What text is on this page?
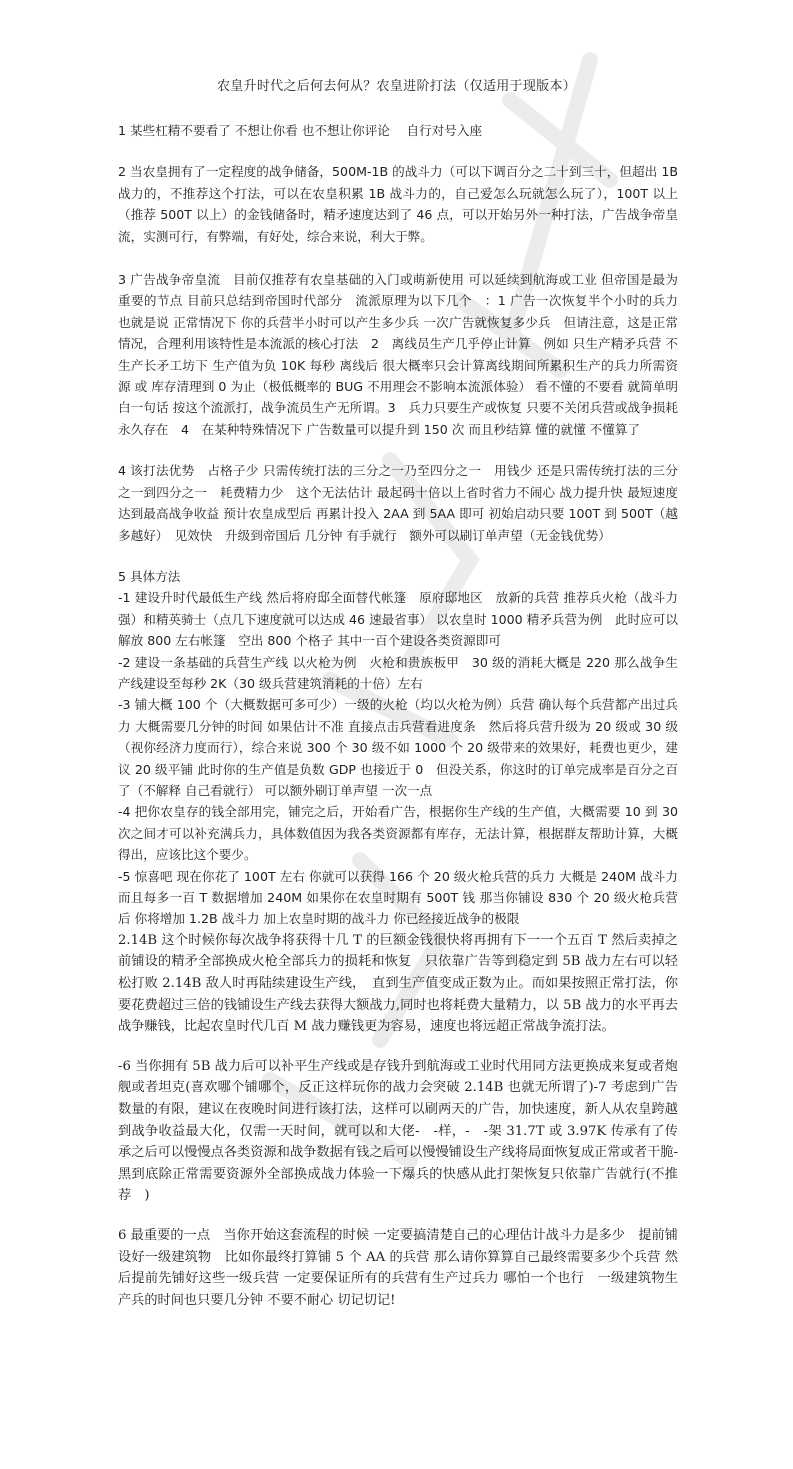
农皇升时代之后何去何从？农皇进阶打法（仅适用于现版本）

1 某些杠精不要看了 不想让你看 也不想让你评论　 自行对号入座

2 当农皇拥有了一定程度的战争储备，500M-1B 的战斗力（可以下调百分之二十到三十，但超出 1B 战力的，不推荐这个打法，可以在农皇积累 1B 战斗力的，自己爱怎么玩就怎么玩了），100T 以上（推荐 500T 以上）的金钱储备时，精矛速度达到了 46 点，可以开始另外一种打法，广告战争帝皇流，实测可行，有弊端，有好处，综合来说，利大于弊。

3 广告战争帝皇流　目前仅推荐有农皇基础的入门或萌新使用 可以延续到航海或工业 但帝国是最为重要的节点 目前只总结到帝国时代部分　流派原理为以下几个　：1 广告一次恢复半个小时的兵力 也就是说 正常情况下 你的兵营半小时可以产生多少兵 一次广告就恢复多少兵　但请注意，这是正常情况，合理利用该特性是本流派的核心打法　2　离线员生产几乎停止计算　例如 只生产精矛兵营 不生产长矛工坊下 生产值为负 10K 每秒 离线后 很大概率只会计算离线期间所累积生产的兵力所需资源 或 库存清理到 0 为止（极低概率的 BUG 不用理会不影响本流派体验） 看不懂的不要看 就简单明白一句话 按这个流派打，战争流员生产无所谓。3　兵力只要生产或恢复 只要不关闭兵营或战争损耗　永久存在　4　在某种特殊情况下 广告数量可以提升到 150 次 而且秒结算 懂的就懂 不懂算了

4 该打法优势　占格子少 只需传统打法的三分之一乃至四分之一　用钱少 还是只需传统打法的三分之一到四分之一　耗费精力少　这个无法估计 最起码十倍以上省时省力不闹心 战力提升快 最短速度达到最高战争收益 预计农皇成型后 再累计投入 2AA 到 5AA 即可 初始启动只要 100T 到 500T（越多越好）　见效快　升级到帝国后 几分钟 有手就行　额外可以刷订单声望（无金钱优势）

5 具体方法

-1 建设升时代最低生产线 然后将府邸全面替代帐篷　原府邸地区　放新的兵营 推荐兵火枪（战斗力强）和精英骑士（点几下速度就可以达成 46 速最省事） 以农皇时 1000 精矛兵营为例　此时应可以解放 800 左右帐篷　空出 800 个格子 其中一百个建设各类资源即可

-2 建设一条基础的兵营生产线 以火枪为例　火枪和贵族板甲　30 级的消耗大概是 220 那么战争生产线建设至每秒 2K（30 级兵营建筑消耗的十倍）左右

-3 铺大概 100 个（大概数据可多可少）一级的火枪（均以火枪为例）兵营 确认每个兵营都产出过兵力 大概需要几分钟的时间 如果估计不准 直接点击兵营看进度条　然后将兵营升级为 20 级或 30 级（视你经济力度而行），综合来说 300 个 30 级不如 1000 个 20 级带来的效果好，耗费也更少，建议 20 级平铺 此时你的生产值是负数 GDP 也接近于 0　但没关系，你这时的订单完成率是百分之百了（不解释 自己看就行） 可以额外刷订单声望 一次一点

-4 把你农皇存的钱全部用完，铺完之后，开始看广告，根据你生产线的生产值，大概需要 10 到 30 次之间才可以补充满兵力，具体数值因为我各类资源都有库存，无法计算，根据群友帮助计算，大概得出，应该比这个要少。

-5 惊喜吧 现在你花了 100T 左右 你就可以获得 166 个 20 级火枪兵营的兵力 大概是 240M 战斗力 而且每多一百 T 数据增加 240M 如果你在农皇时期有 500T 钱 那当你铺设 830 个 20 级火枪兵营后 你将增加 1.2B 战斗力 加上农皇时期的战斗力 你已经接近战争的极限

2.14B 这个时候你每次战争将获得十几 T 的巨额金钱很快将再拥有下一一个五百 T 然后卖掉之前铺设的精矛全部换成火枪全部兵力的损耗和恢复　只依靠广告等到稳定到 5B 战力左右可以轻松打败 2.14B 敌人时再陆续建设生产线，　直到生产值变成正数为止。而如果按照正常打法，你要花费超过三倍的钱铺设生产线去获得大额战力,同时也将耗费大量精力，以 5B 战力的水平再去战争赚钱，比起农皇时代几百 M 战力赚钱更为容易，速度也将远超正常战争流打法。

-6 当你拥有 5B 战力后可以补平生产线或是存钱升到航海或工业时代用同方法更换成来复或者炮舰或者坦克(喜欢哪个铺哪个，反正这样玩你的战力会突破 2.14B 也就无所谓了)-7 考虑到广告数量的有限，建议在夜晚时间进行该打法，这样可以刷两天的广告，加快速度，新人从农皇跨越到战争收益最大化，仅需一天时间，就可以和大佬-　-样，-　-架 31.7T 或 3.97K 传承有了传承之后可以慢慢点各类资源和战争数据有钱之后可以慢慢铺设生产线将局面恢复成正常或者干脆-黑到底除正常需要资源外全部换成战力体验一下爆兵的快感从此打架恢复只依靠广告就行(不推荐　)

6 最重要的一点　当你开始这套流程的时候 一定要搞清楚自己的心理估计战斗力是多少　提前铺设好一级建筑物　比如你最终打算铺 5 个 AA 的兵营 那么请你算算自己最终需要多少个兵营 然后提前先铺好这些一级兵营 一定要保证所有的兵营有生产过兵力 哪怕一个也行　一级建筑物生产兵的时间也只要几分钟 不要不耐心 切记切记!
